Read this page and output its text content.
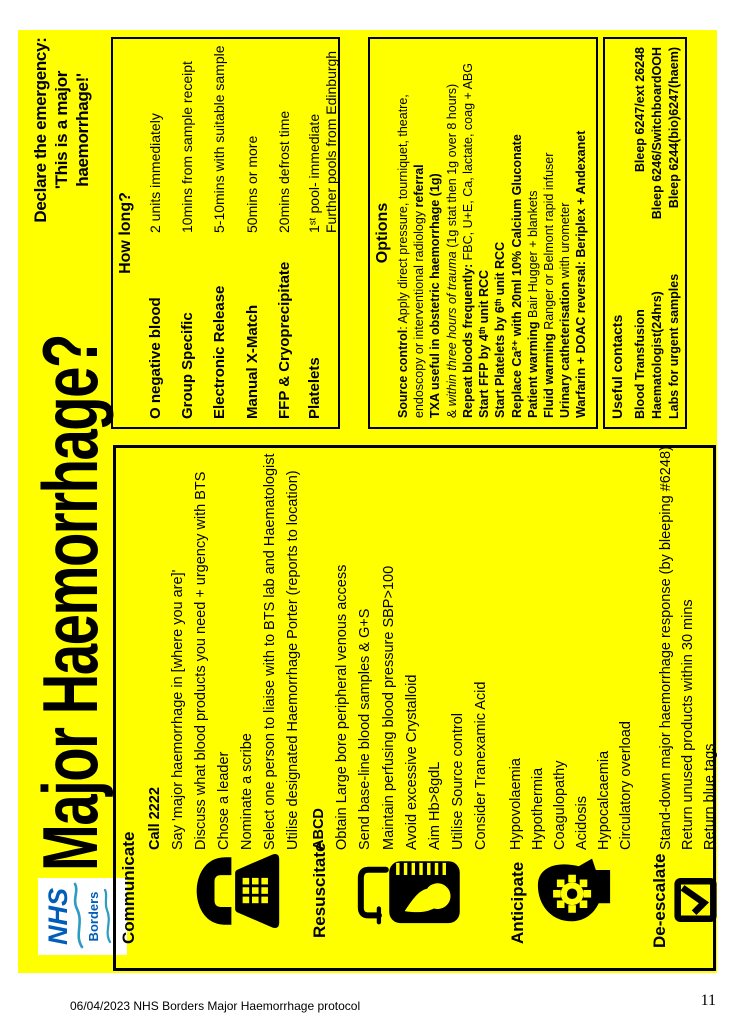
NHS Borders
Major Haemorrhage?
Declare the emergency: 'This is a major haemorrhage!'
Communicate
Call 2222 Say 'major haemorrhage in [where you are]' Discuss what blood products you need + urgency with BTS Chose a leader Nominate a scribe Select one person to liaise with to BTS lab and Haematologist Utilise designated Haemorrhage Porter (reports to location)
Resuscitate
ABCD Obtain Large bore peripheral venous access Send base-line blood samples & G+S Maintain perfusing blood pressure SBP>100 Avoid excessive Crystalloid Aim Hb>8gdL Utilise Source control Consider Tranexamic Acid
Anticipate
Hypovolaemia Hypothermia Coagulopathy Acidosis Hypocalcaemia Circulatory overload
De-escalate
Stand-down major haemorrhage response (by bleeping #6248) Return unused products within 30 mins Return blue tags
How long?
O negative blood
2 units immediately
Group Specific
10mins from sample receipt
Electronic Release
5-10mins with suitable sample
Manual X-Match
50mins or more
FFP & Cryoprecipitate
20mins defrost time
Platelets
1ˢᵗ pool- immediate Further pools from Edinburgh Options
Source control: Apply direct pressure, tourniquet, theatre, endoscopy or interventional radiology referral TXA useful in obstetric haemorrhage (1g) & within three hours of trauma (1g stat then 1g over 8 hours)
Repeat bloods frequently: FBC, U+E, Ca, lactate, coag + ABG
Start FFP by 4ᵗʰ unit RCC Start Platelets by 6ᵗʰ unit RCC Replace Ca²⁺ with 20ml 10% Calcium Gluconate Patient warming Bair Hugger + blankets
Fluid warming Ranger or Belmont rapid infuser
Urinary catheterisation with urometer Warfarin + DOAC reversal: Beriplex + Andexanet Useful contacts Blood Transfusion
Bleep 6247/ext 26248
Haematologist(24hrs)
Bleep 6246/SwitchboardOOH
Labs for urgent samples
Bleep 6244(bio)6247(haem)
06/04/2023 NHS Borders Major Haemorrhage protocol	11
